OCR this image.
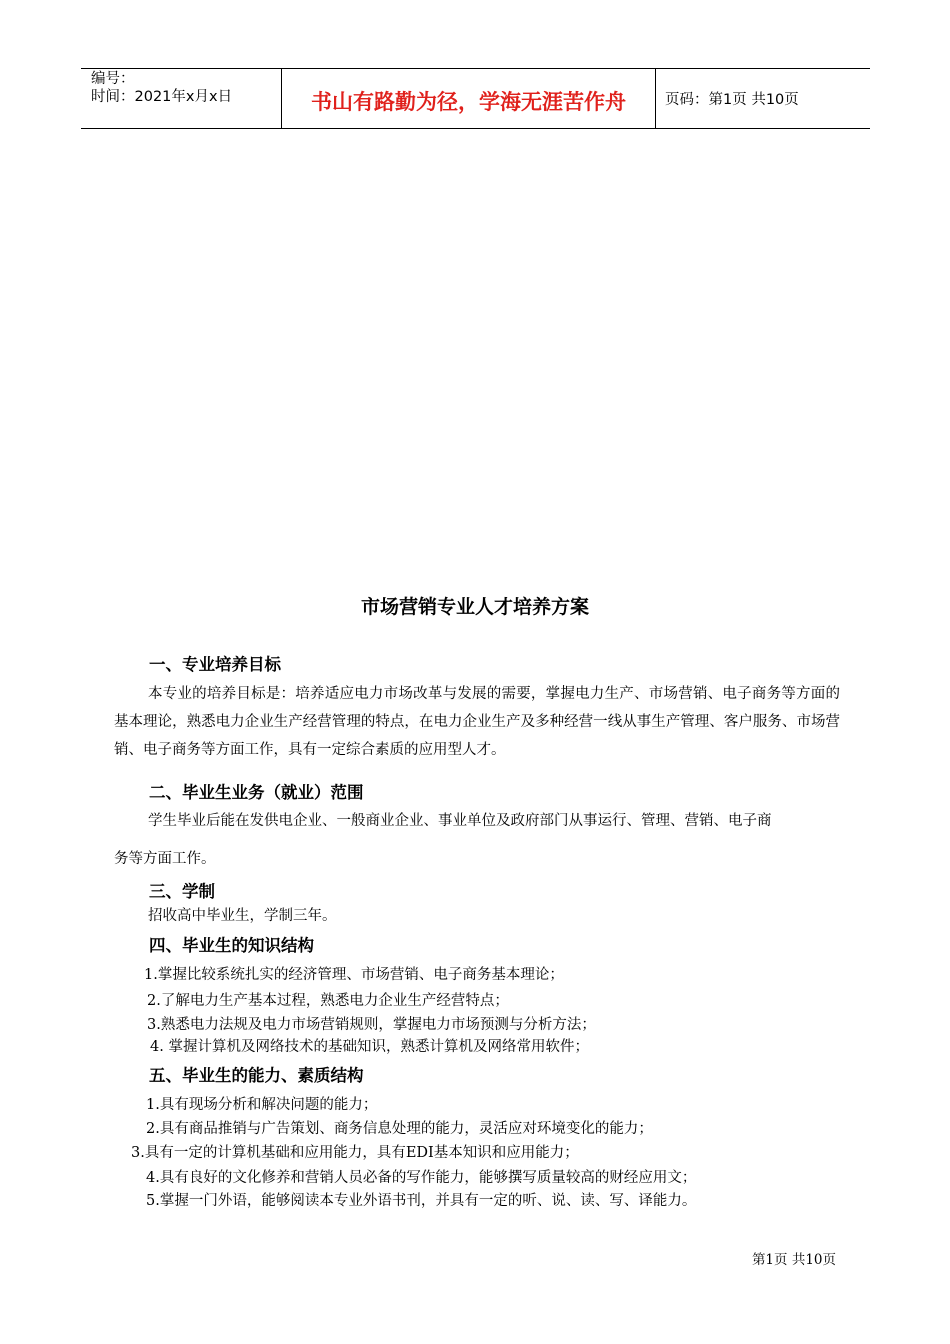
编号：
时间：2021年x月x日	书山有路勤为径，学海无涯苦作舟	页码：第1页 共10页
市场营销专业人才培养方案
一、专业培养目标
本专业的培养目标是：培养适应电力市场改革与发展的需要，掌握电力生产、市场营销、电子商务等方面的基本理论，熟悉电力企业生产经营管理的特点，在电力企业生产及多种经营一线从事生产管理、客户服务、市场营销、电子商务等方面工作，具有一定综合素质的应用型人才。
二、毕业生业务（就业）范围
学生毕业后能在发供电企业、一般商业企业、事业单位及政府部门从事运行、管理、营销、电子商
务等方面工作。
三、学制
招收高中毕业生，学制三年。
四、毕业生的知识结构
1.掌握比较系统扎实的经济管理、市场营销、电子商务基本理论；
2.了解电力生产基本过程，熟悉电力企业生产经营特点；
3.熟悉电力法规及电力市场营销规则，掌握电力市场预测与分析方法；
4. 掌握计算机及网络技术的基础知识，熟悉计算机及网络常用软件；
五、毕业生的能力、素质结构
1.具有现场分析和解决问题的能力；
2.具有商品推销与广告策划、商务信息处理的能力，灵活应对环境变化的能力；
3.具有一定的计算机基础和应用能力，具有EDI基本知识和应用能力；
4.具有良好的文化修养和营销人员必备的写作能力，能够撰写质量较高的财经应用文；
5.掌握一门外语，能够阅读本专业外语书刊，并具有一定的听、说、读、写、译能力。
第1页 共10页
